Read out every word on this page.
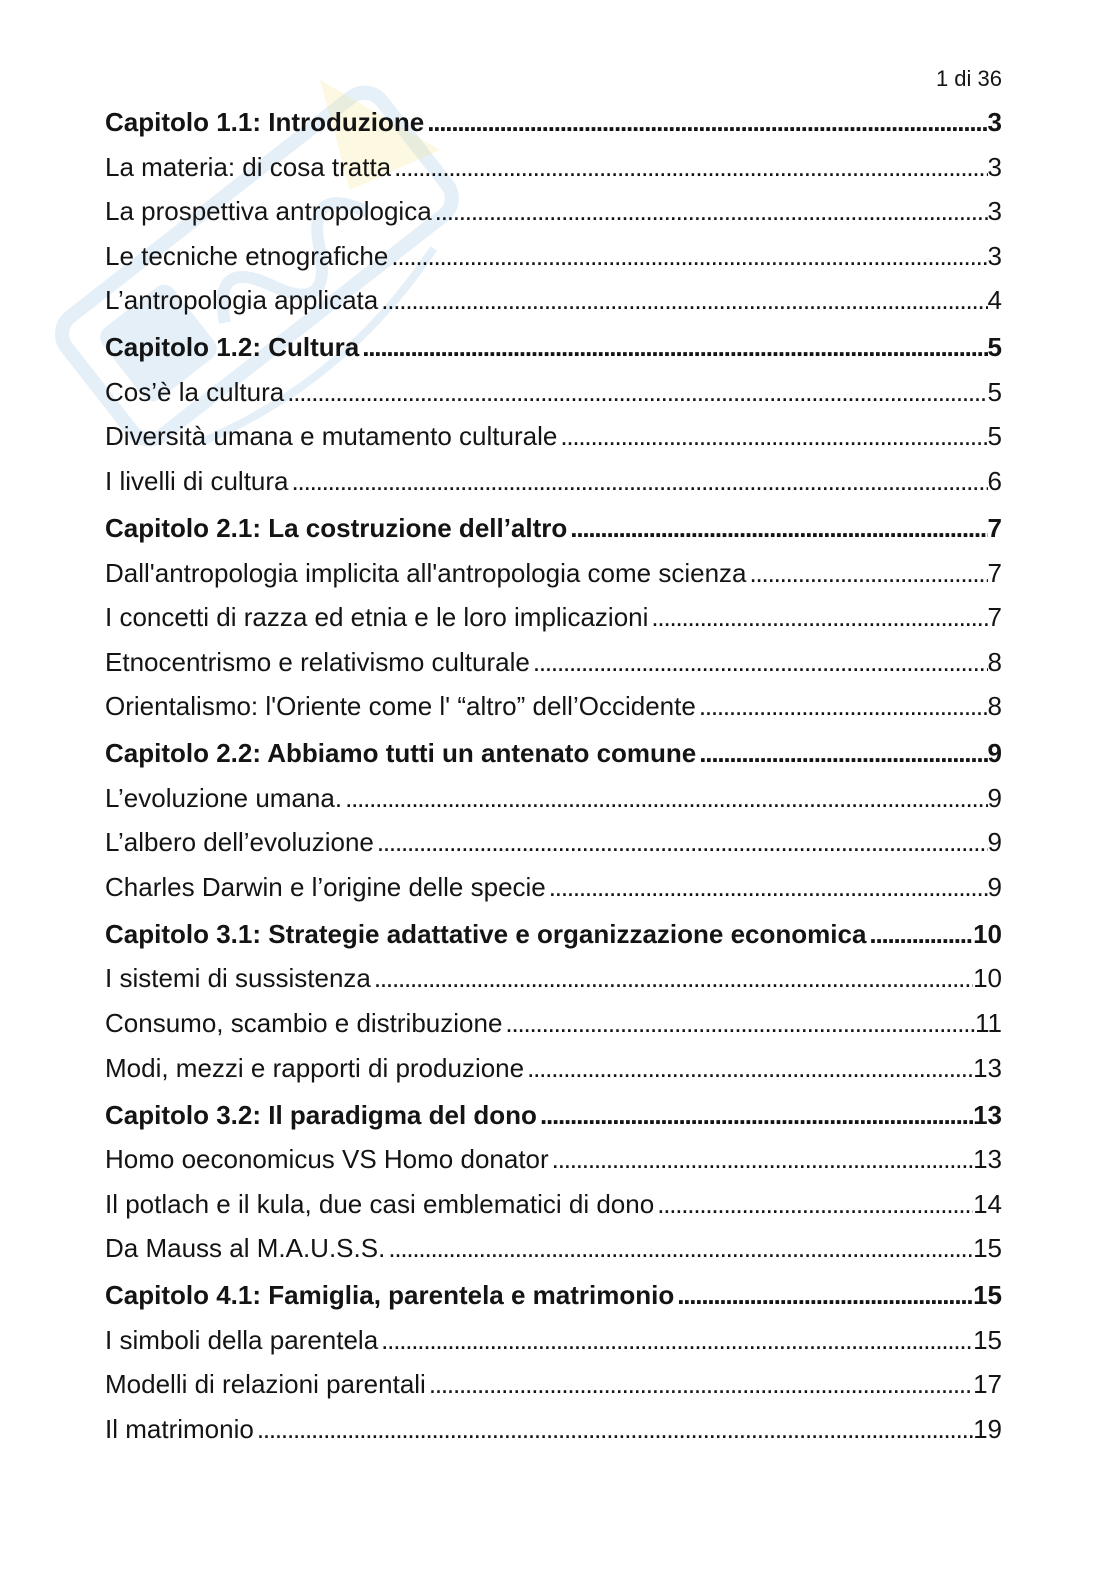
1 di 36
Capitolo 1.1: Introduzione .....	3
La materia: di cosa tratta .....	3
La prospettiva antropologica .....	3
Le tecniche etnografiche .....	3
L’antropologia applicata .....	4
Capitolo 1.2: Cultura .....	5
Cos’è la cultura .....	5
Diversità umana e mutamento culturale .....	5
I livelli di cultura .....	6
Capitolo 2.1: La costruzione dell’altro .....	7
Dall'antropologia implicita all'antropologia come scienza .....	7
I concetti di razza ed etnia e le loro implicazioni .....	7
Etnocentrismo e relativismo culturale .....	8
Orientalismo: l'Oriente come l' “altro” dell’Occidente .....	8
Capitolo 2.2: Abbiamo tutti un antenato comune .....	9
L’evoluzione umana. .....	9
L’albero dell’evoluzione .....	9
Charles Darwin e l’origine delle specie .....	9
Capitolo 3.1: Strategie adattative e organizzazione economica .....	10
I sistemi di sussistenza .....	10
Consumo, scambio e distribuzione .....	11
Modi, mezzi e rapporti di produzione .....	13
Capitolo 3.2: Il paradigma del dono .....	13
Homo oeconomicus VS Homo donator .....	13
Il potlach e il kula, due casi emblematici di dono .....	14
Da Mauss al M.A.U.S.S. .....	15
Capitolo 4.1: Famiglia, parentela e matrimonio .....	15
I simboli della parentela .....	15
Modelli di relazioni parentali .....	17
Il matrimonio .....	19
